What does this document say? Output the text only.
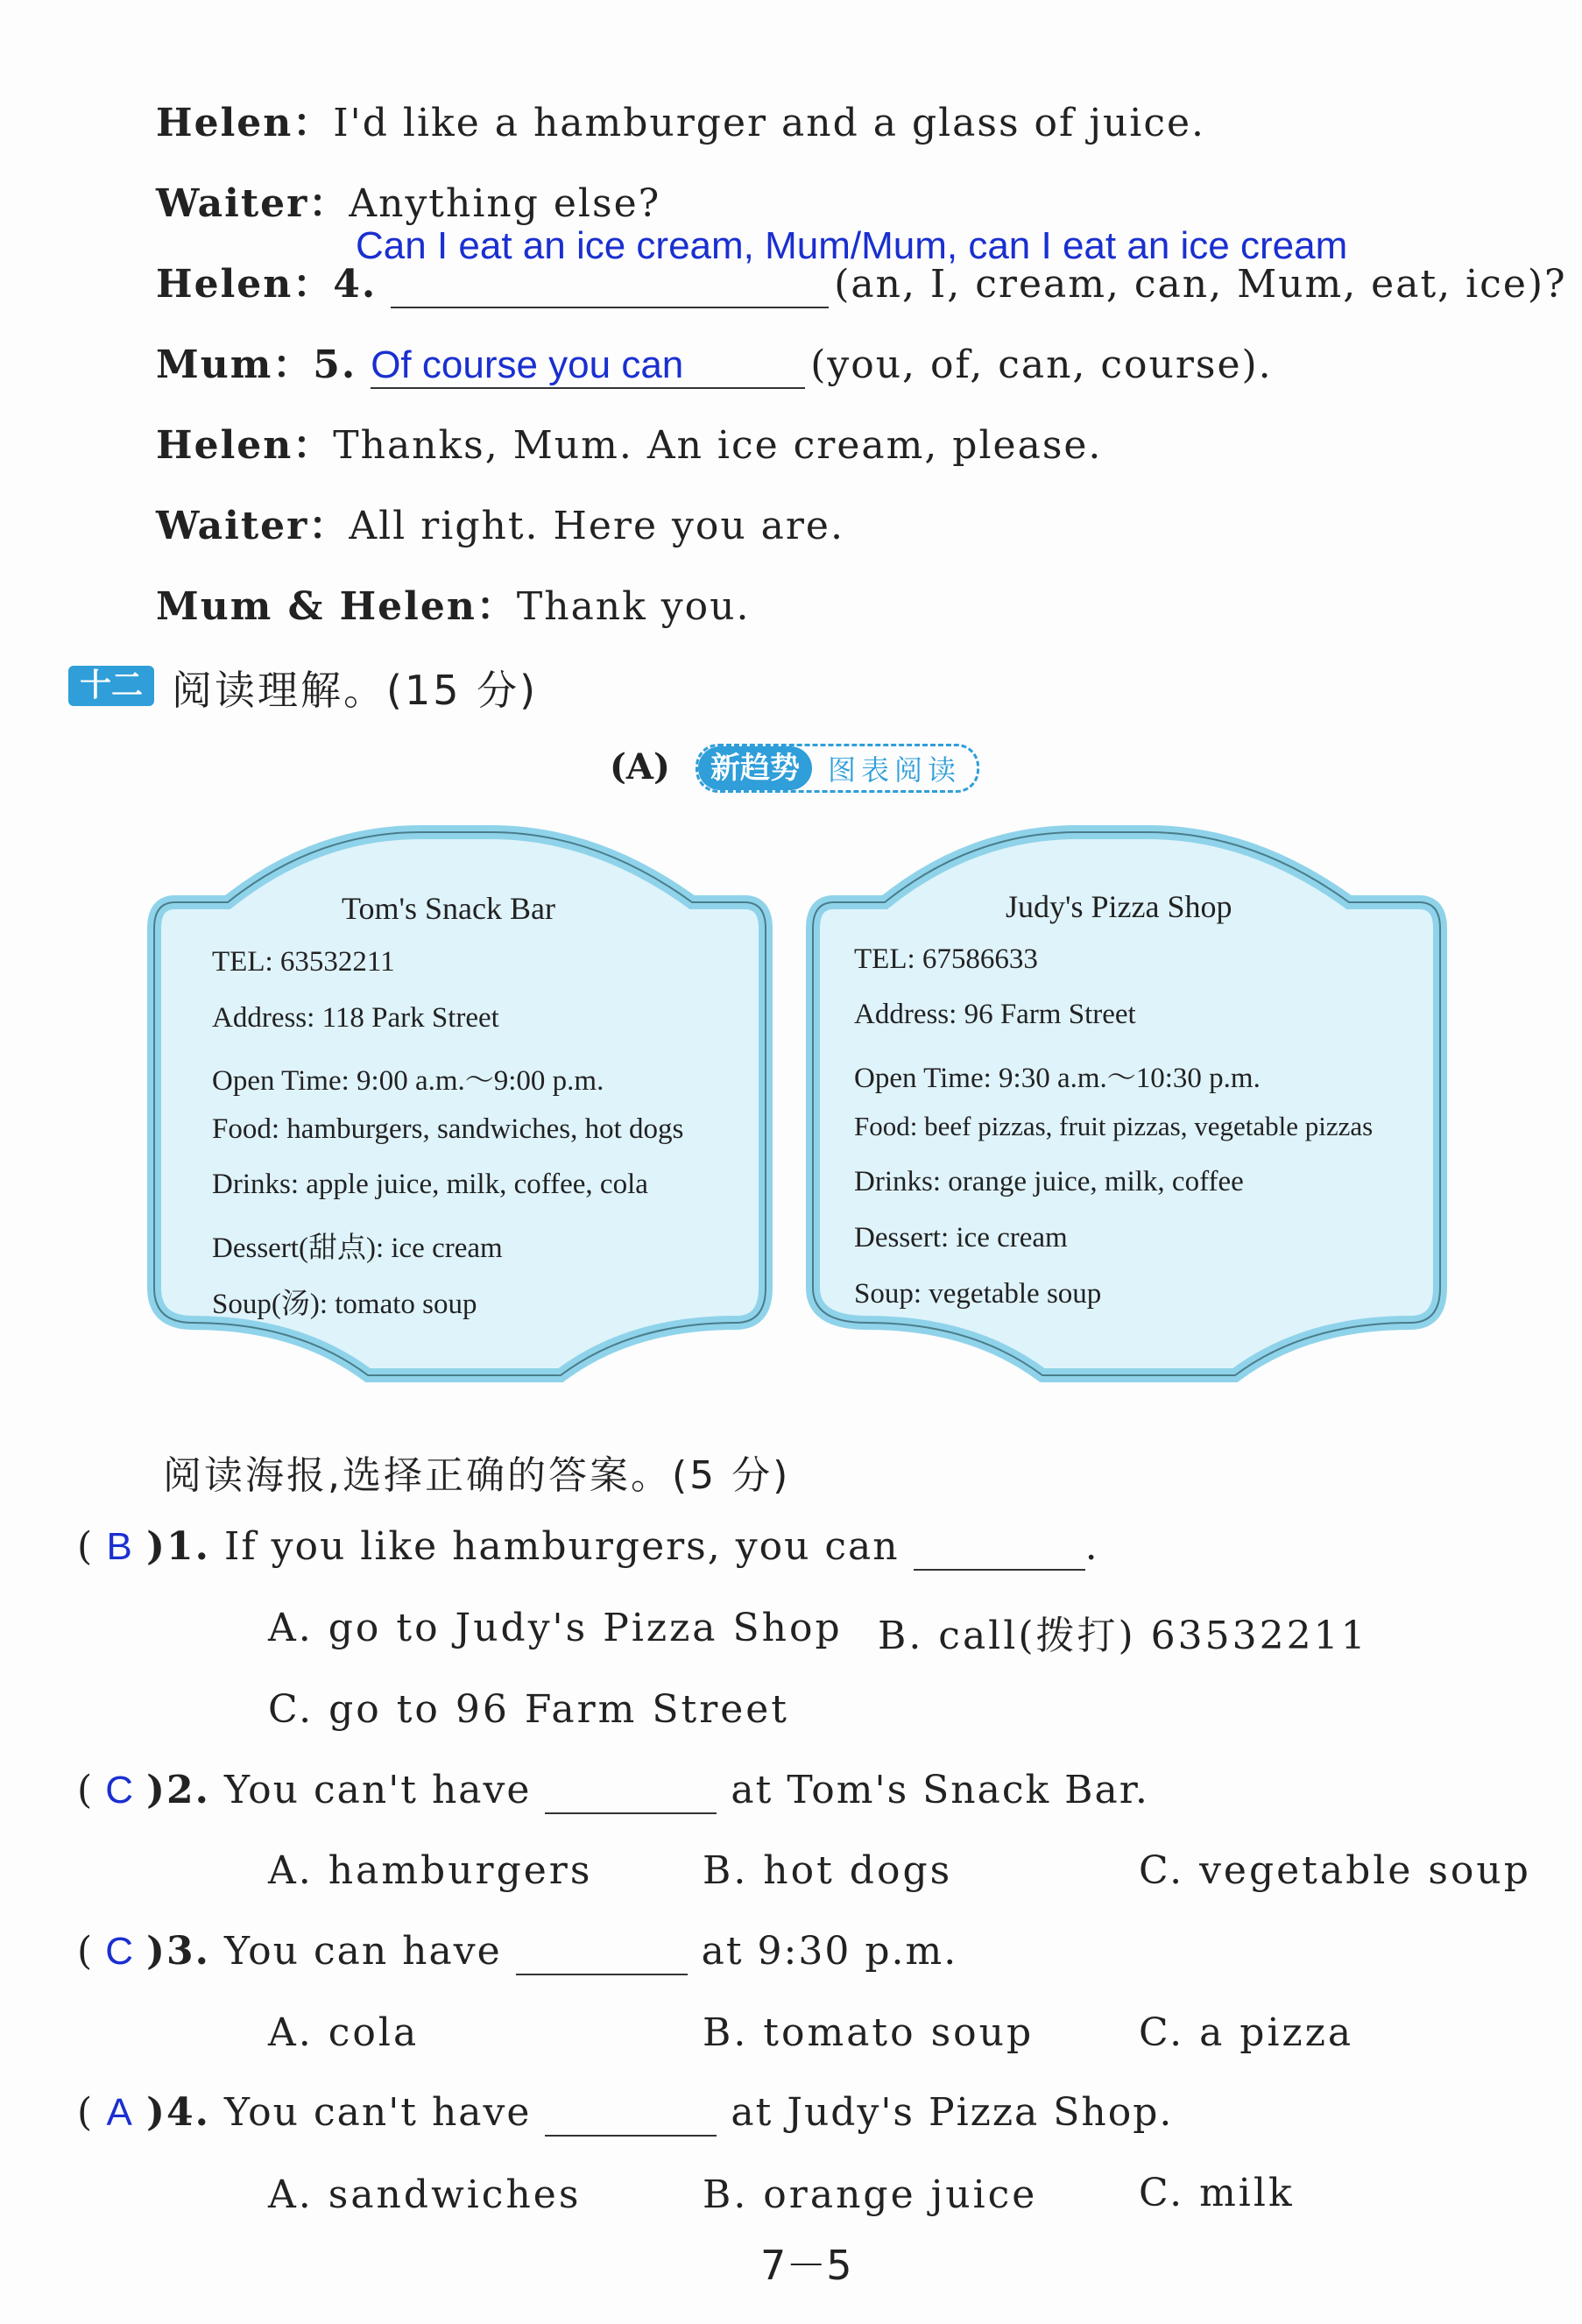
Helen：I'd like a hamburger and a glass of juice.
Waiter：Anything else?
Can I eat an ice cream, Mum/Mum, can I eat an ice cream
Helen：4.	(an, I, cream, can, Mum, eat, ice)?
Mum：5. Of course you can	(you, of, can, course).
Helen：Thanks, Mum. An ice cream, please.
Waiter：All right. Here you are.
Mum & Helen：Thank you.
十二 阅读理解。(15 分)
(A)	新趋势	图表阅读
Tom's Snack Bar
TEL: 63532211
Address: 118 Park Street
Open Time: 9:00 a.m.～9:00 p.m.
Food: hamburgers, sandwiches, hot dogs
Drinks: apple juice, milk, coffee, cola
Dessert(甜点): ice cream
Soup(汤): tomato soup
Judy's Pizza Shop
TEL: 67586633
Address: 96 Farm Street
Open Time: 9:30 a.m.～10:30 p.m.
Food: beef pizzas, fruit pizzas, vegetable pizzas
Drinks: orange juice, milk, coffee
Dessert: ice cream
Soup: vegetable soup
阅读海报,选择正确的答案。(5 分)
( B )1. If you like hamburgers, you can	.
A. go to Judy's Pizza Shop B. call(拨打) 63532211
C. go to 96 Farm Street
( C )2. You can't have	at Tom's Snack Bar.
A. hamburgers	B. hot dogs	C. vegetable soup
( C )3. You can have	at 9:30 p.m.
A. cola	B. tomato soup	C. a pizza
( A )4. You can't have	at Judy's Pizza Shop.
A. sandwiches	B. orange juice	C. milk
7－5
